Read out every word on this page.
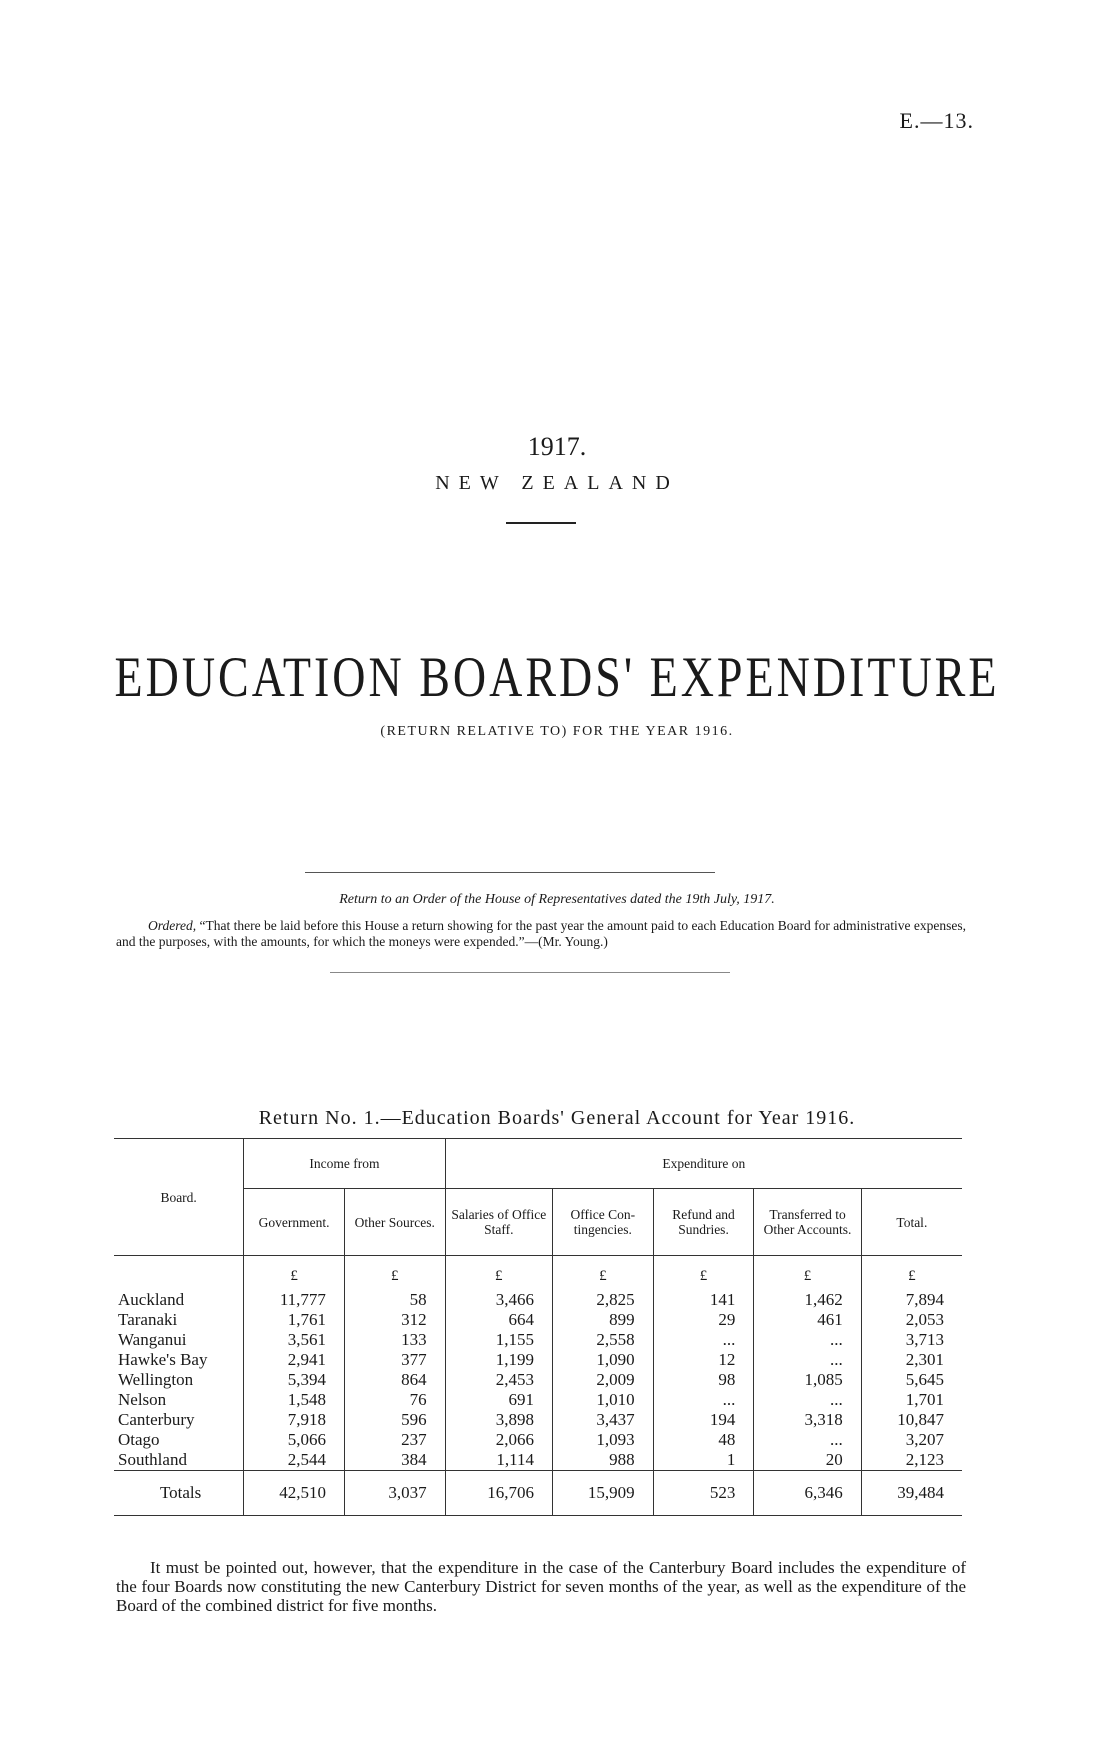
E.—13.
1917.
NEW ZEALAND
EDUCATION BOARDS' EXPENDITURE
(RETURN RELATIVE TO) FOR THE YEAR 1916.
Return to an Order of the House of Representatives dated the 19th July, 1917.
Ordered, “That there be laid before this House a return showing for the past year the amount paid to each Education Board for administrative expenses, and the purposes, with the amounts, for which the moneys were expended.”—(Mr. Young.)
Return No. 1.—Education Boards' General Account for Year 1916.
Board.	Income from		Expenditure on				
	Government.	Other Sources.	Salaries of Office Staff.	Office Con-tingencies.	Refund and Sundries.	Transferred to Other Accounts.	Total.
	£	£	£	£	£	£	£
Auckland	11,777	58	3,466	2,825	141	1,462	7,894
Taranaki	1,761	312	664	899	29	461	2,053
Wanganui	3,561	133	1,155	2,558	...	...	3,713
Hawke's Bay	2,941	377	1,199	1,090	12	...	2,301
Wellington	5,394	864	2,453	2,009	98	1,085	5,645
Nelson	1,548	76	691	1,010	...	...	1,701
Canterbury	7,918	596	3,898	3,437	194	3,318	10,847
Otago	5,066	237	2,066	1,093	48	...	3,207
Southland	2,544	384	1,114	988	1	20	2,123
Totals	42,510	3,037	16,706	15,909	523	6,346	39,484
It must be pointed out, however, that the expenditure in the case of the Canterbury Board includes the expenditure of the four Boards now constituting the new Canterbury District for seven months of the year, as well as the expenditure of the Board of the combined district for five months.
